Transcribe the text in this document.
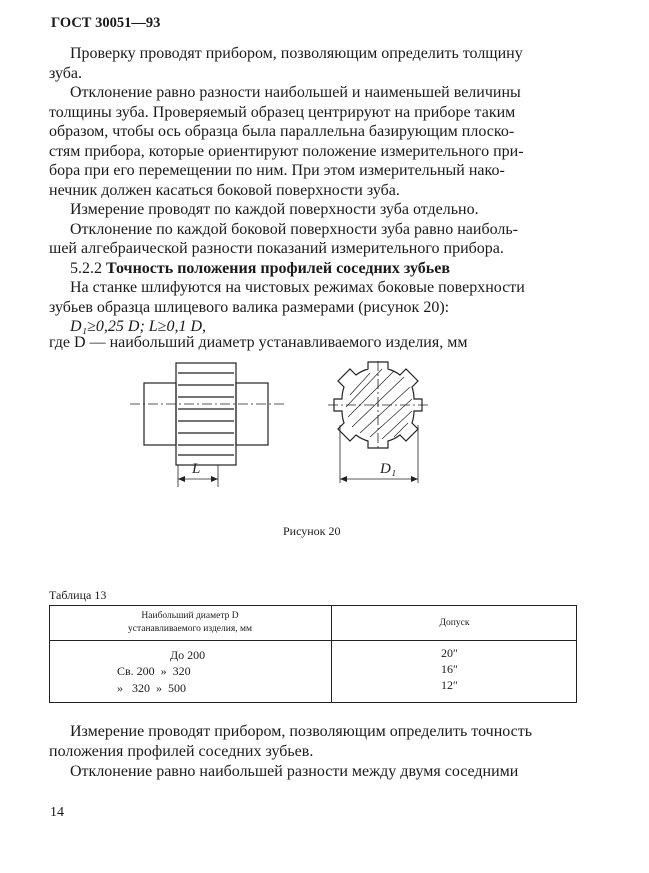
ГОСТ 30051—93
Проверку проводят прибором, позволяющим определить толщину
зуба.
Отклонение равно разности наибольшей и наименьшей величины
толщины зуба. Проверяемый образец центрируют на приборе таким
образом, чтобы ось образца была параллельна базирующим плоско-
стям прибора, которые ориентируют положение измерительного при-
бора при его перемещении по ним. При этом измерительный нако-
нечник должен касаться боковой поверхности зуба.
Измерение проводят по каждой поверхности зуба отдельно.
Отклонение по каждой боковой поверхности зуба равно наиболь-
шей алгебраической разности показаний измерительного прибора.
5.2.2 Точность положения профилей соседних зубьев
На станке шлифуются на чистовых режимах боковые поверхности
зубьев образца шлицевого валика размерами (рисунок 20):
D₁≥0,25 D; L≥0,1 D,
где D — наибольший диаметр устанавливаемого изделия, мм
L	D₁
Рисунок 20
Таблица 13
Наибольший диаметр D
устанавливаемого изделия, мм
Допуск
До 200	20″
Св. 200  »  320	16″
»   320  »  500	12″
Измерение проводят прибором, позволяющим определить точность
положения профилей соседних зубьев.
Отклонение равно наибольшей разности между двумя соседними
14
